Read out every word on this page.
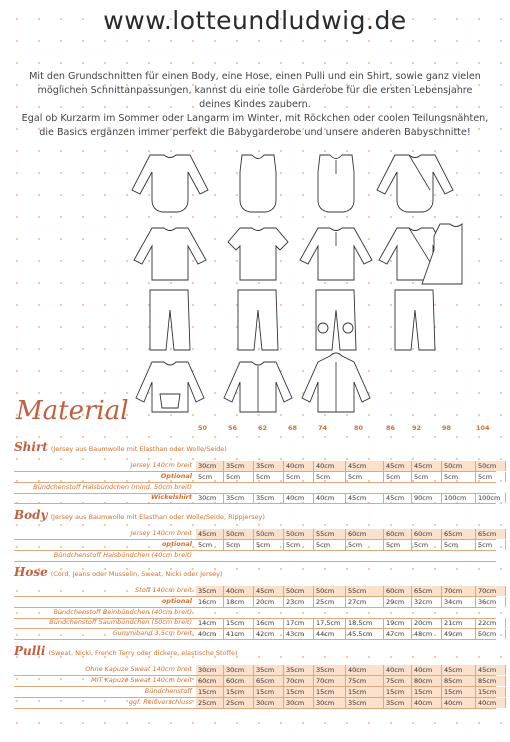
www.lotteundludwig.de

Mit den Grundschnitten für einen Body, eine Hose, einen Pulli und ein Shirt, sowie ganz vielen

möglichen Schnittanpassungen, kannst du eine tolle Garderobe für die ersten Lebensjahre

deines Kindes zaubern.

Egal ob Kurzarm im Sommer oder Langarm im Winter, mit Röckchen oder coolen Teilungsnähten,

die Basics ergänzen immer perfekt die Babygarderobe und unsere anderen Babyschnitte!

Material
50	56	62	68	74	80	86	92	98	104
Shirt (Jersey aus Baumwolle mit Elasthan oder Wolle/Seide)
Jersey 140cm breit 30cm	35cm	35cm	40cm	40cm	45cm	45cm	45cm	50cm	50cm
Optional 5cm	5cm	5cm	5cm	5cm	5cm	5cm	5cm	5cm	5cm
Bündchenstoff Halsbündchen (mind. 50cm breit)
Wickelshirt 30cm	35cm	35cm	40cm	40cm	45cm	45cm	90cm	100cm	100cm
Body (Jersey aus Baumwolle mit Elasthan oder Wolle/Seide, Rippjersey)
Jersey 140cm breit 45cm	50cm	50cm	50cm	55cm	60cm	60cm	60cm	65cm	65cm
optional 5cm	5cm	5cm	5cm	5cm	5cm	5cm	5cm	5cm	5cm
Bündchenstoff Halsbündchen (40cm breit)
Hose (Cord, Jeans oder Musselin, Sweat, Nicki oder Jersey)
Stoff 140cm breit 35cm	40cm	45cm	50cm	50cm	55cm	60cm	65cm	70cm	70cm
optional 16cm	18cm	20cm	23cm	25cm	27cm	29cm	32cm	34cm	36cm
Bündchenstoff Beinbündchen (40cm breit)
Bündchenstoff Saumbündchen (50cm breit) 14cm	15cm	16cm	17cm	17,5cm	18,5cm	19cm	20cm	21cm	22cm
Gummiband 3,5cm breit 40cm	41cm	42cm	43cm	44cm	45,5cm	47cm	48cm	49cm	50cm
Pulli (Sweat, Nicki, French Terry oder dickere, elastische Stoffe)
Ohne Kapuze Sweat 140cm breit 30cm	30cm	35cm	35cm	35cm	40cm	40cm	40cm	45cm	45cm
MIT Kapuze Sweat 140cm breit 60cm	60cm	65cm	70cm	70cm	75cm	75cm	80cm	85cm	85cm
Bündchenstoff 15cm	15cm	15cm	15cm	15cm	15cm	15cm	15cm	15cm	15cm
ggf. Reißverschluss 25cm	25cm	30cm	30cm	30cm	35cm	35cm	40cm	40cm	40cm
